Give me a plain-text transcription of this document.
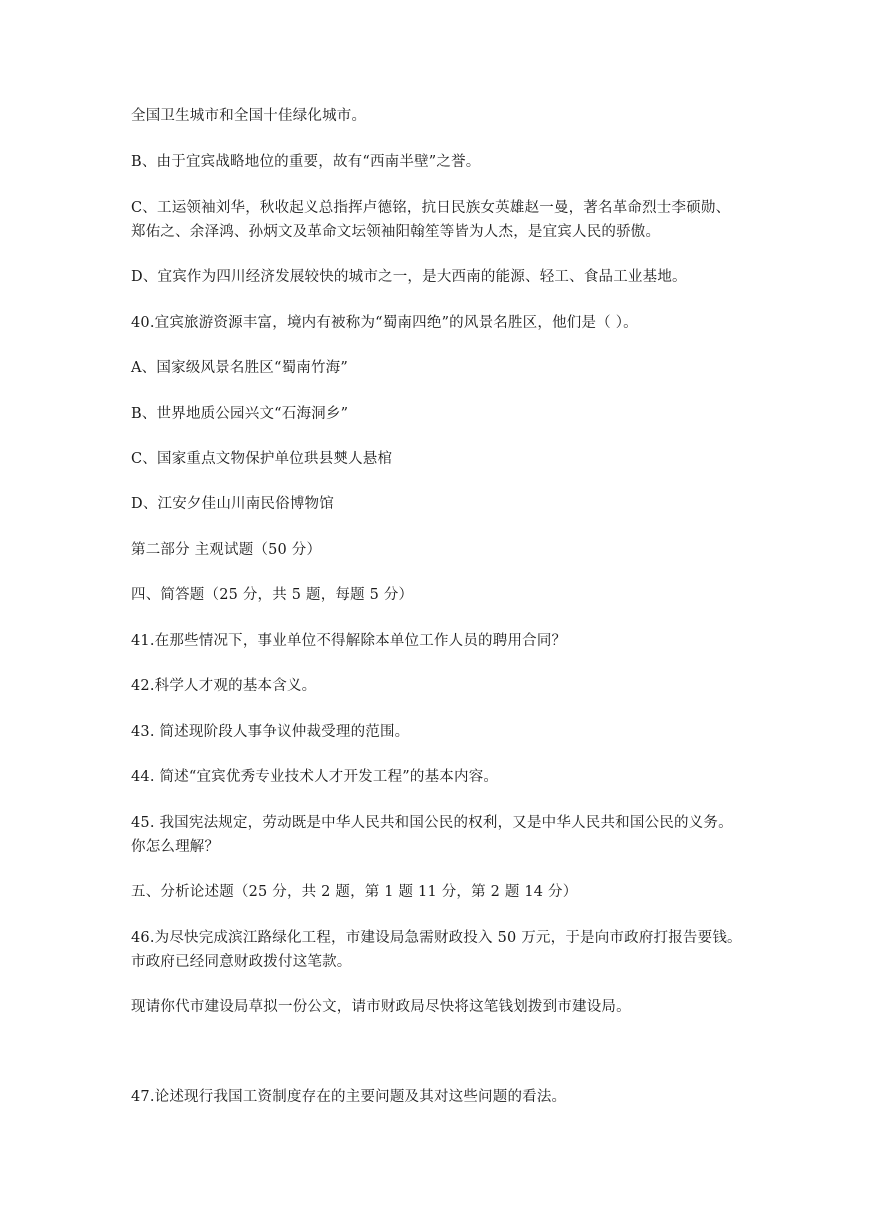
全国卫生城市和全国十佳绿化城市。
B、由于宜宾战略地位的重要，故有“西南半壁”之誉。
C、工运领袖刘华，秋收起义总指挥卢德铭，抗日民族女英雄赵一曼，著名革命烈士李硕勋、
郑佑之、余泽鸿、孙炳文及革命文坛领袖阳翰笙等皆为人杰，是宜宾人民的骄傲。
D、宜宾作为四川经济发展较快的城市之一，是大西南的能源、轻工、食品工业基地。
40.宜宾旅游资源丰富，境内有被称为“蜀南四绝”的风景名胜区，他们是（ ）。
A、国家级风景名胜区“蜀南竹海”
B、世界地质公园兴文“石海洞乡”
C、国家重点文物保护单位珙县僰人悬棺
D、江安夕佳山川南民俗博物馆
第二部分 主观试题（50 分）
四、简答题（25 分，共 5 题，每题 5 分）
41.在那些情况下，事业单位不得解除本单位工作人员的聘用合同？
42.科学人才观的基本含义。
43. 简述现阶段人事争议仲裁受理的范围。
44. 简述“宜宾优秀专业技术人才开发工程”的基本内容。
45. 我国宪法规定，劳动既是中华人民共和国公民的权利，又是中华人民共和国公民的义务。
你怎么理解？
五、分析论述题（25 分，共 2 题，第 1 题 11 分，第 2 题 14 分）
46.为尽快完成滨江路绿化工程，市建设局急需财政投入 50 万元，于是向市政府打报告要钱。
市政府已经同意财政拨付这笔款。
现请你代市建设局草拟一份公文，请市财政局尽快将这笔钱划拨到市建设局。
47.论述现行我国工资制度存在的主要问题及其对这些问题的看法。
